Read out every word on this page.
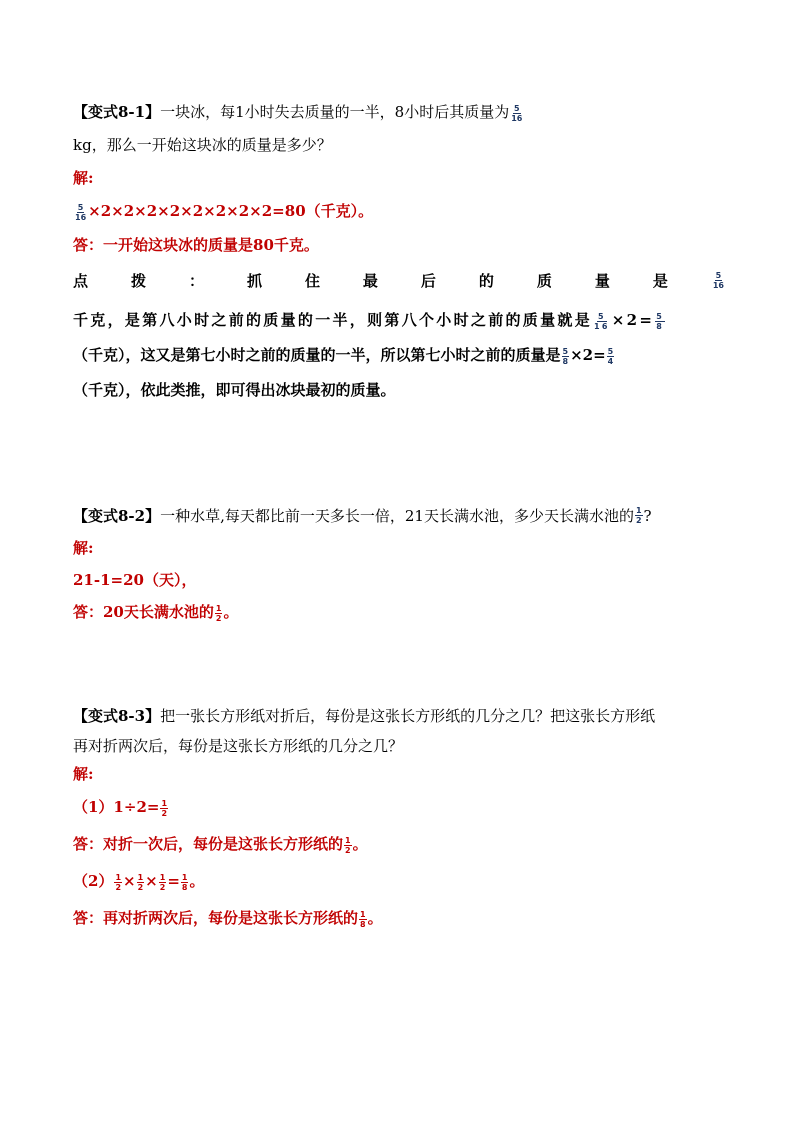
【变式8-1】一块冰，每1小时失去质量的一半，8小时后其质量为 $\frac{5}{16}$
kg，那么一开始这块冰的质量是多少？
解:
$\frac{5}{16} \times 2\times 2\times 2\times 2\times 2\times 2\times 2\times 2=80$（千克）。
答：一开始这块冰的质量是80千克。
点	拨	：	抓	住	最	后	的	质	量	是	$\frac{5}{16}$
千克，是第八小时之前的质量的一半，则第八个小时之前的质量就是 $\frac{5}{16} \times 2= \frac{5}{8}$
（千克），这又是第七小时之前的质量的一半，所以第七小时之前的质量是 $\frac{5}{8} \times 2= \frac{5}{4}$
（千克），依此类推，即可得出冰块最初的质量。
【变式8-2】一种水草,每天都比前一天多长一倍，21天长满水池，多少天长满水池的 $\frac{1}{2}$ ?
解:
21-1=20（天），
答：20天长满水池的 $\frac{1}{2}$ 。
【变式8-3】把一张长方形纸对折后，每份是这张长方形纸的几分之几？把这张长方形纸
再对折两次后，每份是这张长方形纸的几分之几？
解:
$(1)1\div 2= \frac{1}{2}$
答：对折一次后，每份是这张长方形纸的 $\frac{1}{2}$ 。
$(2) \frac{1}{2} \times \frac{1}{2} \times \frac{1}{2} = \frac{1}{8}$ 。
答：再对折两次后，每份是这张长方形纸的 $\frac{1}{8}$ 。
